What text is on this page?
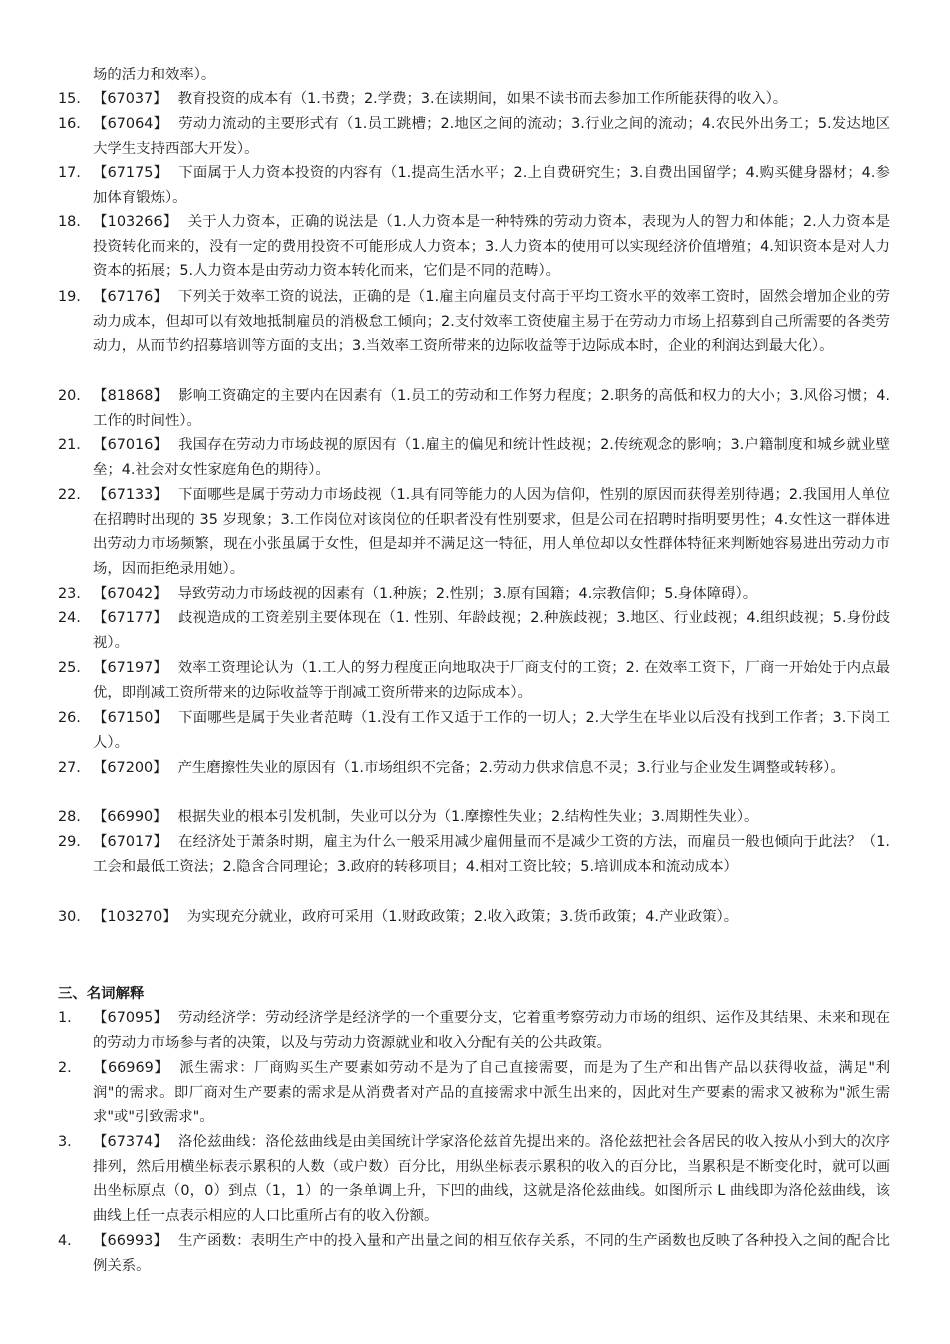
场的活力和效率）。
15. 【67037】 教育投资的成本有（1.书费；2.学费；3.在读期间，如果不读书而去参加工作所能获得的收入）。
16. 【67064】 劳动力流动的主要形式有（1.员工跳槽；2.地区之间的流动；3.行业之间的流动；4.农民外出务工；5.发达地区大学生支持西部大开发）。
17. 【67175】 下面属于人力资本投资的内容有（1.提高生活水平；2.上自费研究生；3.自费出国留学；4.购买健身器材；4.参加体育锻炼）。
18. 【103266】 关于人力资本，正确的说法是（1.人力资本是一种特殊的劳动力资本，表现为人的智力和体能；2.人力资本是投资转化而来的，没有一定的费用投资不可能形成人力资本；3.人力资本的使用可以实现经济价值增殖；4.知识资本是对人力资本的拓展；5.人力资本是由劳动力资本转化而来，它们是不同的范畴）。
19. 【67176】 下列关于效率工资的说法，正确的是（1.雇主向雇员支付高于平均工资水平的效率工资时，固然会增加企业的劳动力成本，但却可以有效地抵制雇员的消极怠工倾向；2.支付效率工资使雇主易于在劳动力市场上招募到自己所需要的各类劳动力，从而节约招募培训等方面的支出；3.当效率工资所带来的边际收益等于边际成本时，企业的利润达到最大化）。
20. 【81868】 影响工资确定的主要内在因素有（1.员工的劳动和工作努力程度；2.职务的高低和权力的大小；3.风俗习惯；4.工作的时间性）。
21. 【67016】 我国存在劳动力市场歧视的原因有（1.雇主的偏见和统计性歧视；2.传统观念的影响；3.户籍制度和城乡就业壁垒；4.社会对女性家庭角色的期待）。
22. 【67133】 下面哪些是属于劳动力市场歧视（1.具有同等能力的人因为信仰，性别的原因而获得差别待遇；2.我国用人单位在招聘时出现的 35 岁现象；3.工作岗位对该岗位的任职者没有性别要求，但是公司在招聘时指明要男性；4.女性这一群体进出劳动力市场频繁，现在小张虽属于女性，但是却并不满足这一特征，用人单位却以女性群体特征来判断她容易进出劳动力市场，因而拒绝录用她）。
23. 【67042】 导致劳动力市场歧视的因素有（1.种族；2.性别；3.原有国籍；4.宗教信仰；5.身体障碍）。
24. 【67177】 歧视造成的工资差别主要体现在（1. 性别、年龄歧视；2.种族歧视；3.地区、行业歧视；4.组织歧视；5.身份歧视）。
25. 【67197】 效率工资理论认为（1.工人的努力程度正向地取决于厂商支付的工资；2. 在效率工资下，厂商一开始处于内点最优，即削减工资所带来的边际收益等于削减工资所带来的边际成本）。
26. 【67150】 下面哪些是属于失业者范畴（1.没有工作又适于工作的一切人；2.大学生在毕业以后没有找到工作者；3.下岗工人）。
27. 【67200】 产生磨擦性失业的原因有（1.市场组织不完备；2.劳动力供求信息不灵；3.行业与企业发生调整或转移）。
28. 【66990】 根据失业的根本引发机制，失业可以分为（1.摩擦性失业；2.结构性失业；3.周期性失业）。
29. 【67017】 在经济处于萧条时期，雇主为什么一般采用减少雇佣量而不是减少工资的方法，而雇员一般也倾向于此法？（1.工会和最低工资法；2.隐含合同理论；3.政府的转移项目；4.相对工资比较；5.培训成本和流动成本）
30. 【103270】 为实现充分就业，政府可采用（1.财政政策；2.收入政策；3.货币政策；4.产业政策）。
三、名词解释
1.	【67095】 劳动经济学：劳动经济学是经济学的一个重要分支，它着重考察劳动力市场的组织、运作及其结果、未来和现在的劳动力市场参与者的决策，以及与劳动力资源就业和收入分配有关的公共政策。
2.	【66969】 派生需求：厂商购买生产要素如劳动不是为了自己直接需要，而是为了生产和出售产品以获得收益，满足"利润"的需求。即厂商对生产要素的需求是从消费者对产品的直接需求中派生出来的，因此对生产要素的需求又被称为"派生需求"或"引致需求"。
3.	【67374】 洛伦兹曲线：洛伦兹曲线是由美国统计学家洛伦兹首先提出来的。洛伦兹把社会各居民的收入按从小到大的次序排列，然后用横坐标表示累积的人数（或户数）百分比，用纵坐标表示累积的收入的百分比，当累积是不断变化时，就可以画出坐标原点（0，0）到点（1，1）的一条单调上升，下凹的曲线，这就是洛伦兹曲线。如图所示 L 曲线即为洛伦兹曲线，该曲线上任一点表示相应的人口比重所占有的收入份额。
4.	【66993】 生产函数：表明生产中的投入量和产出量之间的相互依存关系，不同的生产函数也反映了各种投入之间的配合比例关系。
